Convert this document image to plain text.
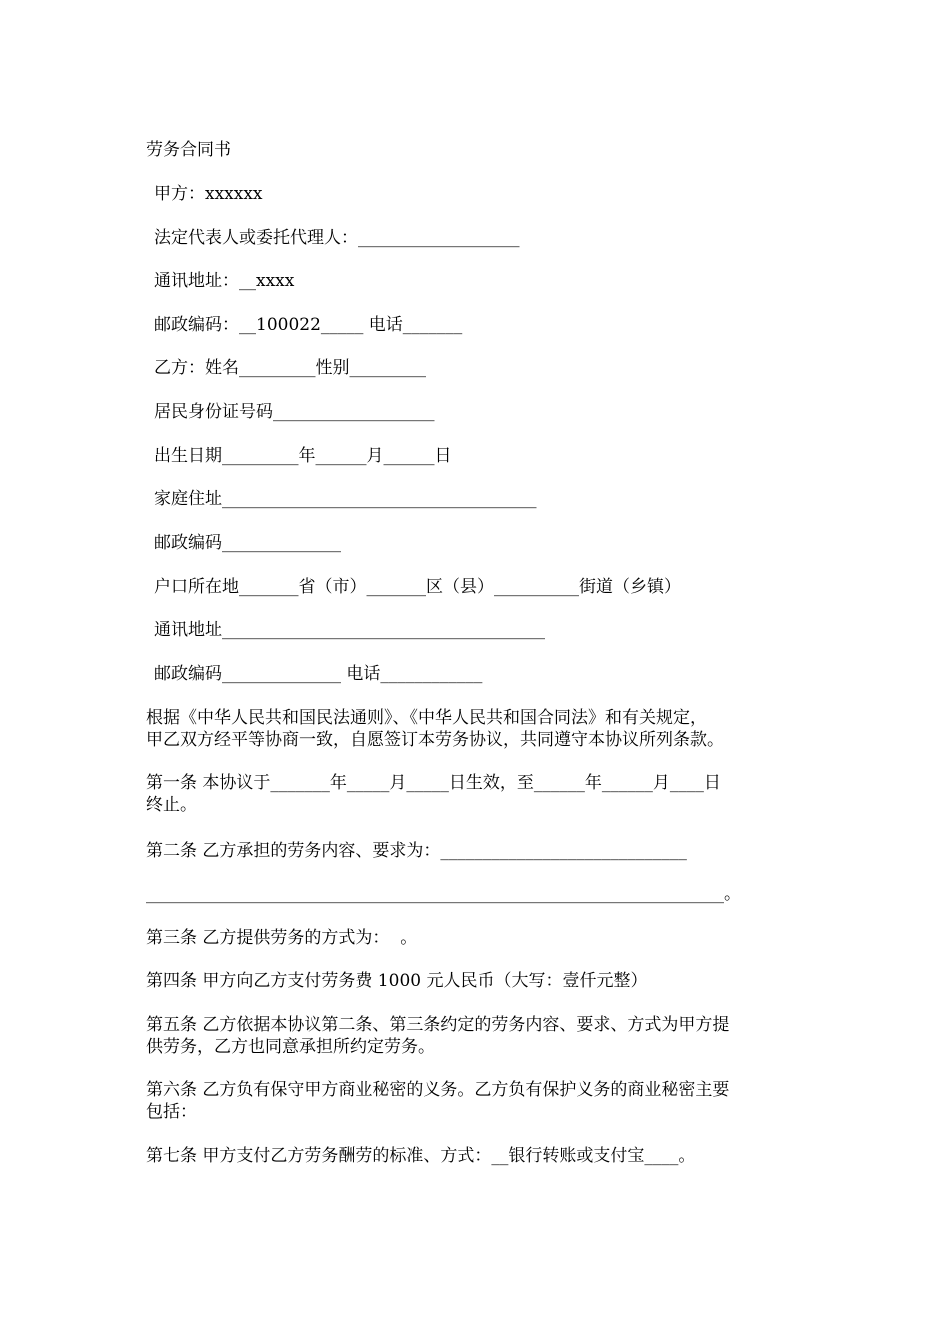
劳务合同书
甲方：xxxxxx
法定代表人或委托代理人：___________________
通讯地址：__xxxx
邮政编码：__100022_____ 电话_______
乙方：姓名_________性别_________
居民身份证号码___________________
出生日期_________年______月______日
家庭住址_____________________________________
邮政编码______________
户口所在地_______省（市）_______区（县）__________街道（乡镇）
通讯地址______________________________________
邮政编码______________ 电话____________
根据《中华人民共和国民法通则》、《中华人民共和国合同法》和有关规定，
甲乙双方经平等协商一致，自愿签订本劳务协议，共同遵守本协议所列条款。
第一条 本协议于_______年_____月_____日生效，至______年______月____日
终止。
第二条 乙方承担的劳务内容、要求为：_____________________________
____________________________________________________________________。
第三条 乙方提供劳务的方式为：  。
第四条 甲方向乙方支付劳务费 1000 元人民币（大写：壹仟元整）
第五条 乙方依据本协议第二条、第三条约定的劳务内容、要求、方式为甲方提
供劳务，乙方也同意承担所约定劳务。
第六条 乙方负有保守甲方商业秘密的义务。乙方负有保护义务的商业秘密主要
包括：
第七条 甲方支付乙方劳务酬劳的标准、方式：__银行转账或支付宝____。
